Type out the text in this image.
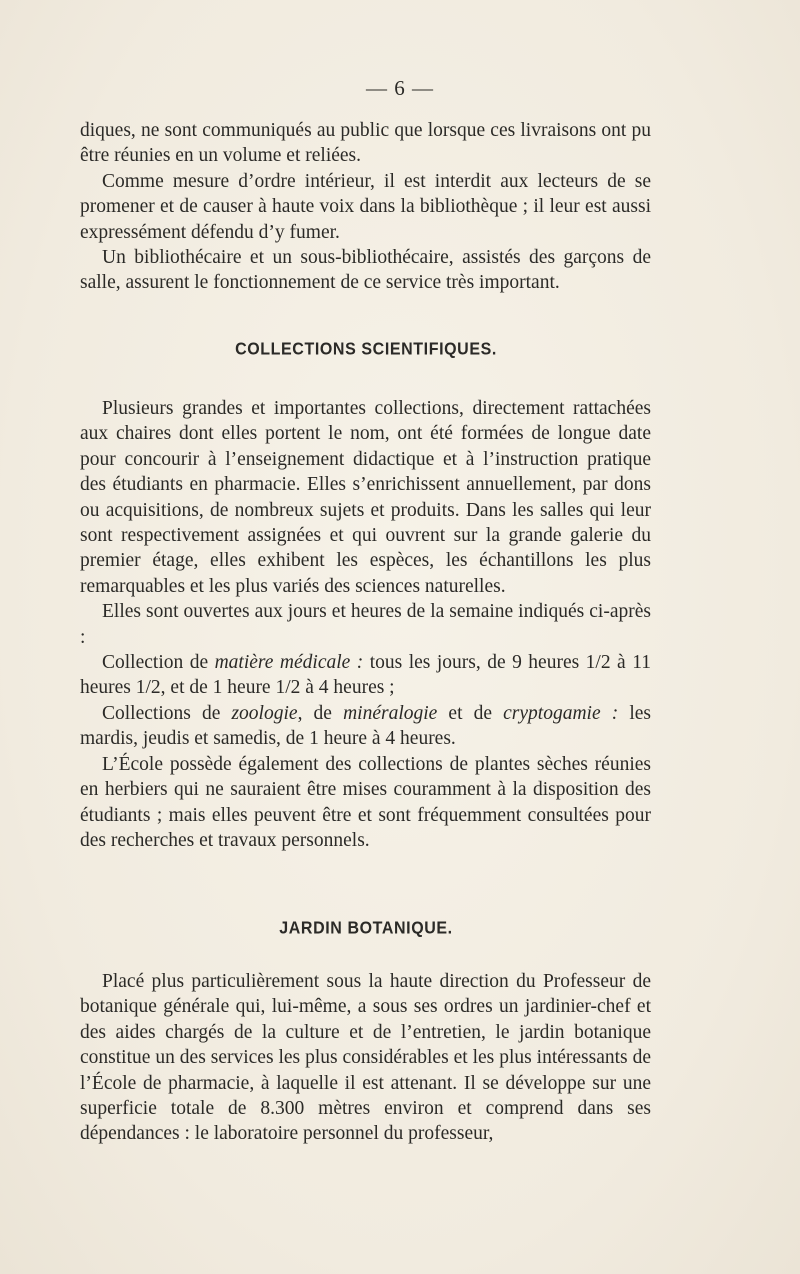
— 6 —

diques, ne sont communiqués au public que lorsque ces livraisons ont pu être réunies en un volume et reliées.

Comme mesure d’ordre intérieur, il est interdit aux lecteurs de se promener et de causer à haute voix dans la bibliothèque ; il leur est aussi expressément défendu d’y fumer.

Un bibliothécaire et un sous-bibliothécaire, assistés des garçons de salle, assurent le fonctionnement de ce service très important.

COLLECTIONS SCIENTIFIQUES.

Plusieurs grandes et importantes collections, directement rattachées aux chaires dont elles portent le nom, ont été formées de longue date pour concourir à l’enseignement didactique et à l’instruction pratique des étudiants en pharmacie. Elles s’enrichissent annuellement, par dons ou acquisitions, de nombreux sujets et produits. Dans les salles qui leur sont respectivement assignées et qui ouvrent sur la grande galerie du premier étage, elles exhibent les espèces, les échantillons les plus remarquables et les plus variés des sciences naturelles.

Elles sont ouvertes aux jours et heures de la semaine indiqués ci-après :

Collection de matière médicale : tous les jours, de 9 heures 1/2 à 11 heures 1/2, et de 1 heure 1/2 à 4 heures ;

Collections de zoologie, de minéralogie et de cryptogamie : les mardis, jeudis et samedis, de 1 heure à 4 heures.

L’École possède également des collections de plantes sèches réunies en herbiers qui ne sauraient être mises couramment à la disposition des étudiants ; mais elles peuvent être et sont fréquemment consultées pour des recherches et travaux personnels.

JARDIN BOTANIQUE.

Placé plus particulièrement sous la haute direction du Professeur de botanique générale qui, lui-même, a sous ses ordres un jardinier-chef et des aides chargés de la culture et de l’entretien, le jardin botanique constitue un des services les plus considérables et les plus intéressants de l’École de pharmacie, à laquelle il est attenant. Il se développe sur une superficie totale de 8.300 mètres environ et comprend dans ses dépendances : le laboratoire personnel du professeur,
